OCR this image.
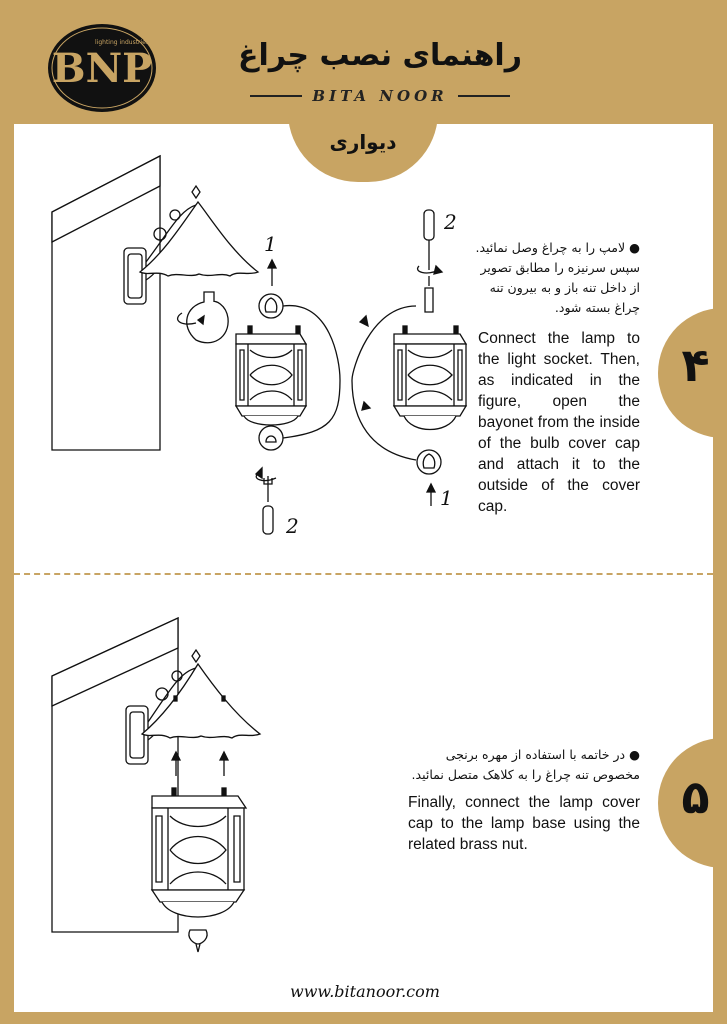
BNP
lighting industries	راهنمای نصب چراغ
BITA NOOR
دیواری
۴
۵
● لامپ را به چراغ وصل نمائید. سپس سرنیزه را مطابق تصویر از داخل تنه باز و به بیرون تنه چراغ بسته شود.
Connect the lamp to the light socket. Then, as indicated in the figure, open the bayonet from the inside of the bulb cover cap and attach it to the outside of the cover cap.
● در خاتمه با استفاده از مهره برنجی مخصوص تنه چراغ را به کلاهک متصل نمائید.
Finally, connect the lamp cover cap to the lamp base using the related brass nut.
1
2
2
1
www.bitanoor.com
